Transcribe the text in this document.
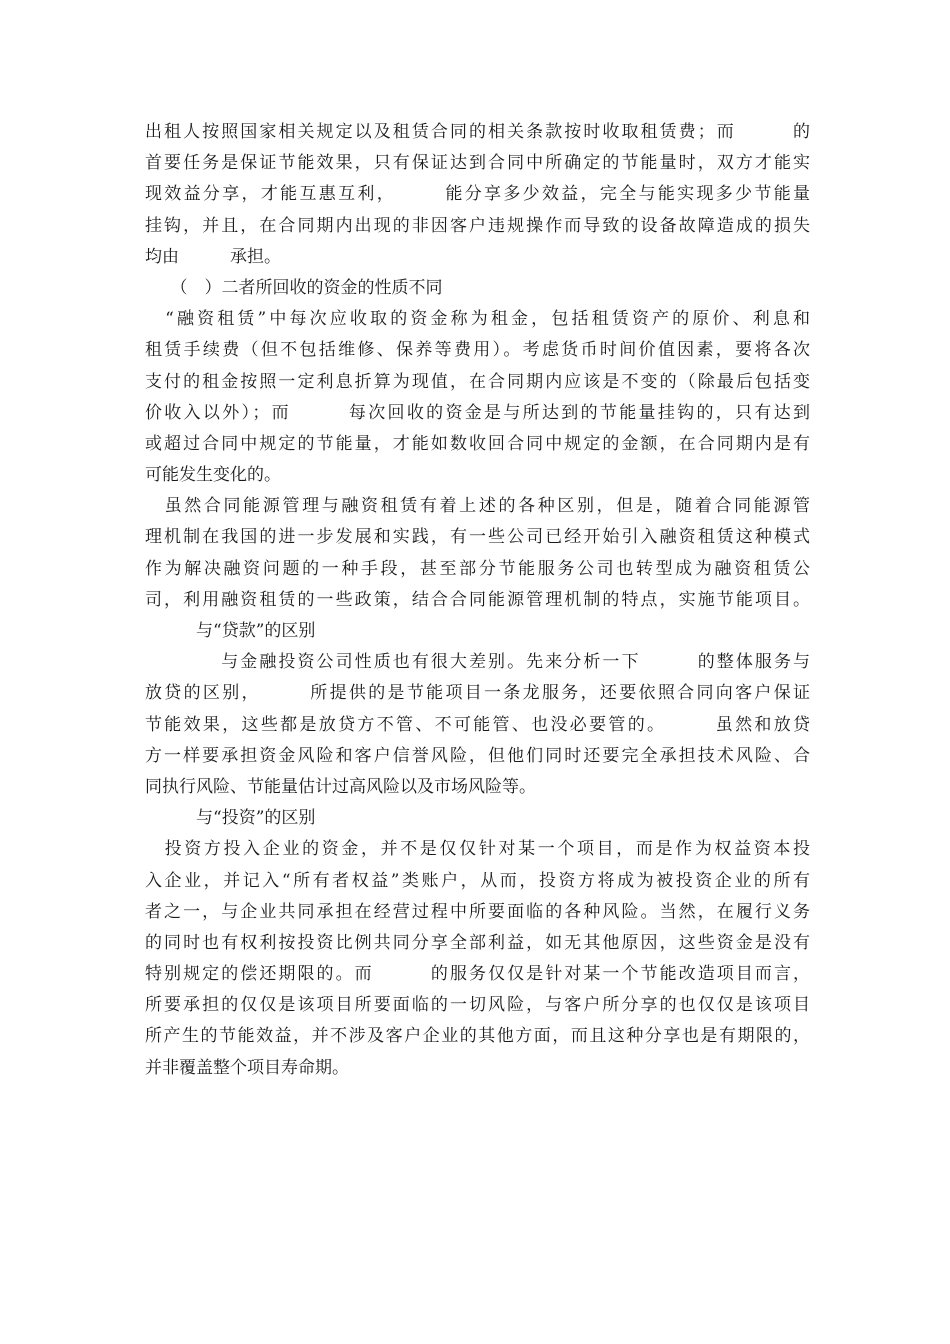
出租人按照国家相关规定以及租赁合同的相关条款按时收取租赁费；而　　　的
首要任务是保证节能效果，只有保证达到合同中所确定的节能量时，双方才能实
现效益分享，才能互惠互利，　　　能分享多少效益，完全与能实现多少节能量
挂钩，并且，在合同期内出现的非因客户违规操作而导致的设备故障造成的损失
均由　　　承担。
　　（　）二者所回收的资金的性质不同
　“融资租赁”中每次应收取的资金称为租金，包括租赁资产的原价、利息和
租赁手续费（但不包括维修、保养等费用）。考虑货币时间价值因素，要将各次
支付的租金按照一定利息折算为现值，在合同期内应该是不变的（除最后包括变
价收入以外）；而　　　每次回收的资金是与所达到的节能量挂钩的，只有达到
或超过合同中规定的节能量，才能如数收回合同中规定的金额，在合同期内是有
可能发生变化的。
　虽然合同能源管理与融资租赁有着上述的各种区别，但是，随着合同能源管
理机制在我国的进一步发展和实践，有一些公司已经开始引入融资租赁这种模式
作为解决融资问题的一种手段，甚至部分节能服务公司也转型成为融资租赁公
司，利用融资租赁的一些政策，结合合同能源管理机制的特点，实施节能项目。
　　　与“贷款”的区别
　　　　与金融投资公司性质也有很大差别。先来分析一下　　　的整体服务与
放贷的区别，　　　所提供的是节能项目一条龙服务，还要依照合同向客户保证
节能效果，这些都是放贷方不管、不可能管、也没必要管的。　　　虽然和放贷
方一样要承担资金风险和客户信誉风险，但他们同时还要完全承担技术风险、合
同执行风险、节能量估计过高风险以及市场风险等。
　　　与“投资”的区别
　投资方投入企业的资金，并不是仅仅针对某一个项目，而是作为权益资本投
入企业，并记入“所有者权益”类账户，从而，投资方将成为被投资企业的所有
者之一，与企业共同承担在经营过程中所要面临的各种风险。当然，在履行义务
的同时也有权利按投资比例共同分享全部利益，如无其他原因，这些资金是没有
特别规定的偿还期限的。而　　　的服务仅仅是针对某一个节能改造项目而言，
所要承担的仅仅是该项目所要面临的一切风险，与客户所分享的也仅仅是该项目
所产生的节能效益，并不涉及客户企业的其他方面，而且这种分享也是有期限的，
并非覆盖整个项目寿命期。
